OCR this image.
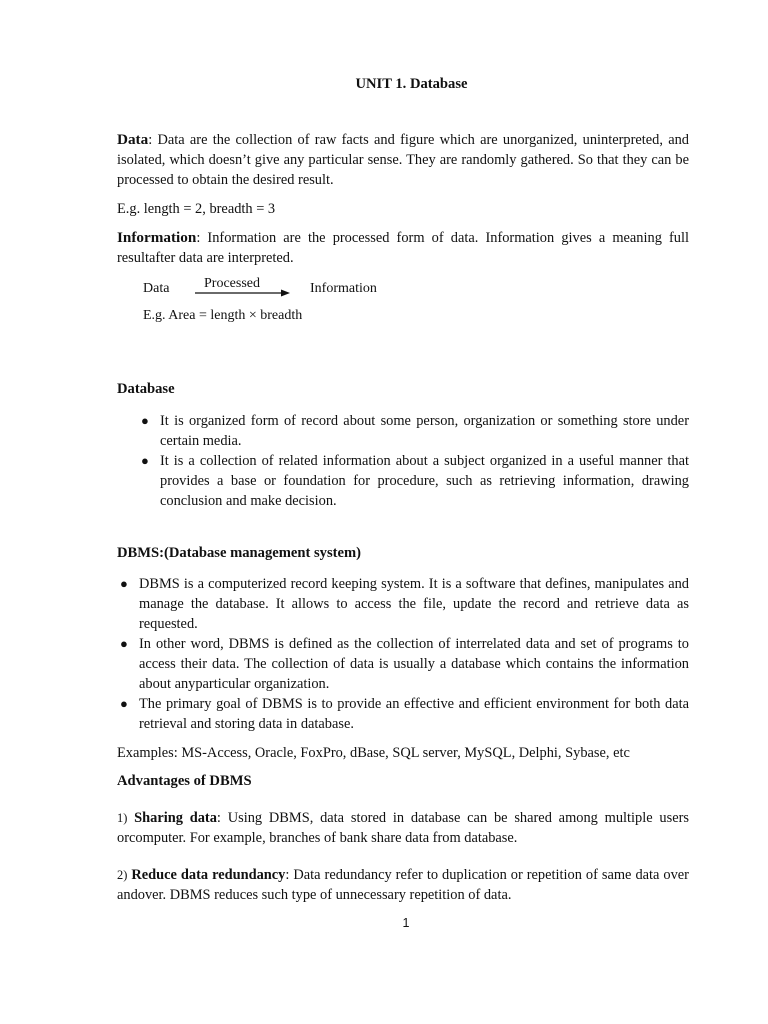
UNIT 1. Database
Data: Data are the collection of raw facts and figure which are unorganized, uninterpreted, and isolated, which doesn’t give any particular sense. They are randomly gathered. So that they can be processed to obtain the desired result.
E.g. length = 2, breadth = 3
Information: Information are the processed form of data. Information gives a meaning full resultafter data are interpreted.
Data Processed	Information
E.g. Area = length × breadth
Database
● It is organized form of record about some person, organization or something store under certain media.
● It is a collection of related information about a subject organized in a useful manner that provides a base or foundation for procedure, such as retrieving information, drawing conclusion and make decision.
DBMS:(Database management system)
● DBMS is a computerized record keeping system. It is a software that defines, manipulates and manage the database. It allows to access the file, update the record and retrieve data as requested.
● In other word, DBMS is defined as the collection of interrelated data and set of programs to access their data. The collection of data is usually a database which contains the information about anyparticular organization.
● The primary goal of DBMS is to provide an effective and efficient environment for both data retrieval and storing data in database.
Examples: MS-Access, Oracle, FoxPro, dBase, SQL server, MySQL, Delphi, Sybase, etc
Advantages of DBMS
1) Sharing data: Using DBMS, data stored in database can be shared among multiple users orcomputer. For example, branches of bank share data from database.
2) Reduce data redundancy: Data redundancy refer to duplication or repetition of same data over andover. DBMS reduces such type of unnecessary repetition of data.
1
